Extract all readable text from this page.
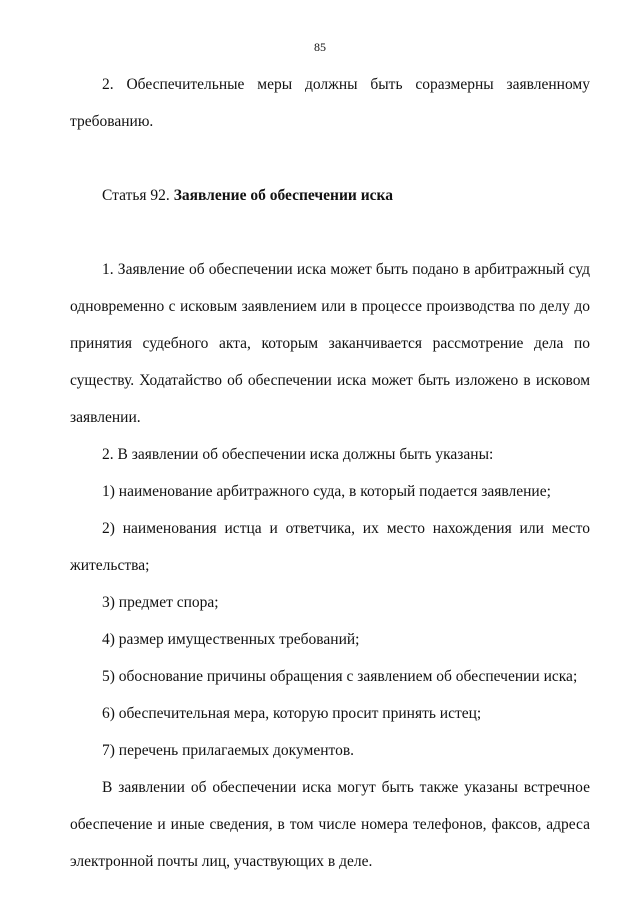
85

2. Обеспечительные меры должны быть соразмерны заявленному требованию.

Статья 92. Заявление об обеспечении иска

1. Заявление об обеспечении иска может быть подано в арбитражный суд одновременно с исковым заявлением или в процессе производства по делу до принятия судебного акта, которым заканчивается рассмотрение дела по существу. Ходатайство об обеспечении иска может быть изложено в исковом заявлении.

2. В заявлении об обеспечении иска должны быть указаны:

1) наименование арбитражного суда, в который подается заявление;

2) наименования истца и ответчика, их место нахождения или место жительства;

3) предмет спора;

4) размер имущественных требований;

5) обоснование причины обращения с заявлением об обеспечении иска;

6) обеспечительная мера, которую просит принять истец;

7) перечень прилагаемых документов.

В заявлении об обеспечении иска могут быть также указаны встречное обеспечение и иные сведения, в том числе номера телефонов, факсов, адреса электронной почты лиц, участвующих в деле.
